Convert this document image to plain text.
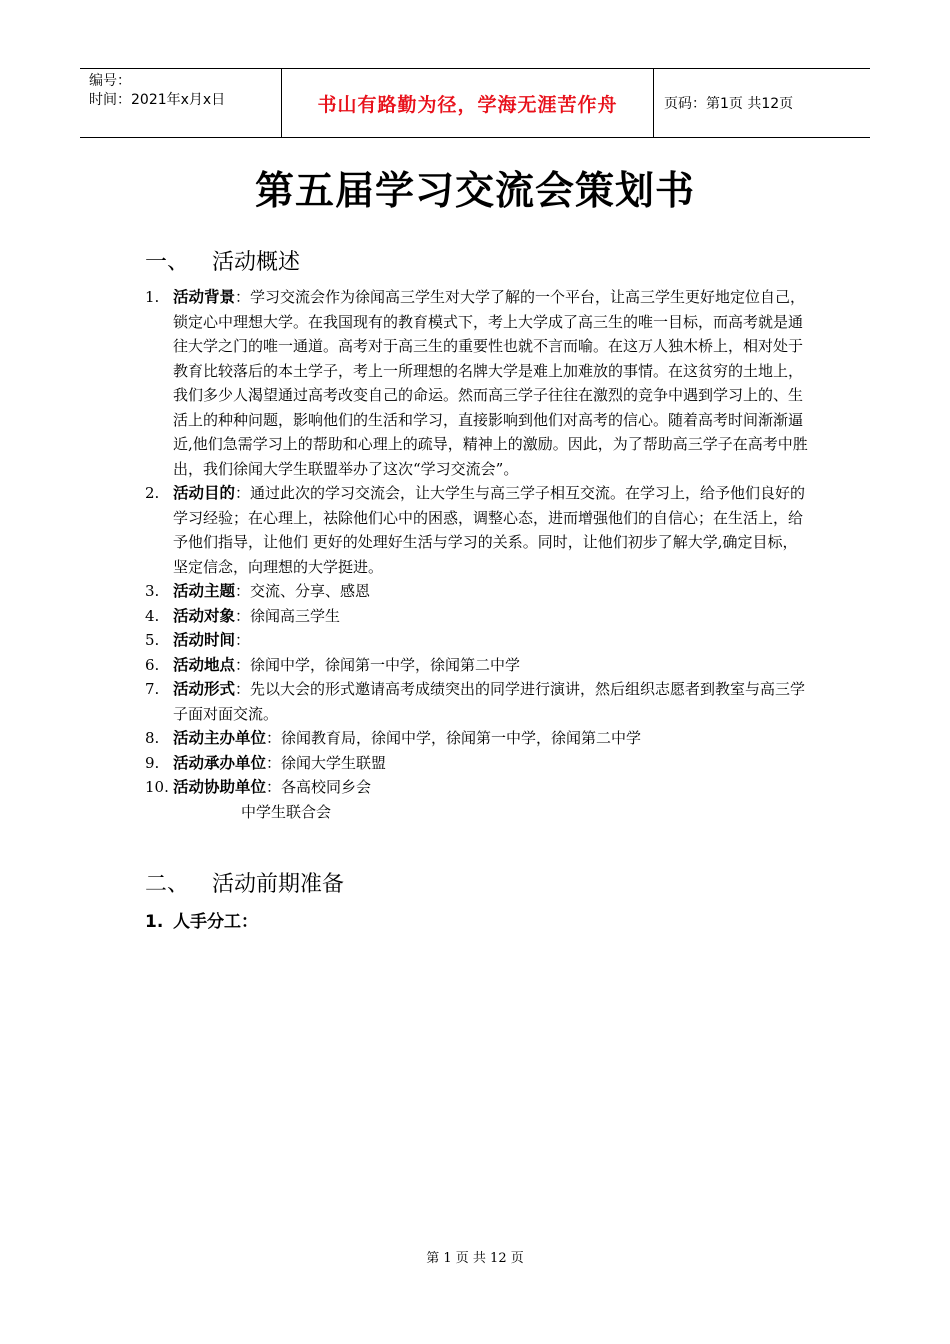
编号：
时间：2021年x月x日	书山有路勤为径，学海无涯苦作舟	页码：第1页 共12页
第五届学习交流会策划书
一、 活动概述
1. 活动背景：学习交流会作为徐闻高三学生对大学了解的一个平台，让高三学生更好地定位自己，锁定心中理想大学。在我国现有的教育模式下，考上大学成了高三生的唯一目标，而高考就是通往大学之门的唯一通道。高考对于高三生的重要性也就不言而喻。在这万人独木桥上，相对处于教育比较落后的本土学子，考上一所理想的名牌大学是难上加难放的事情。在这贫穷的土地上，我们多少人渴望通过高考改变自己的命运。然而高三学子往往在激烈的竞争中遇到学习上的、生活上的种种问题，影响他们的生活和学习，直接影响到他们对高考的信心。随着高考时间渐渐逼近,他们急需学习上的帮助和心理上的疏导，精神上的激励。因此，为了帮助高三学子在高考中胜出，我们徐闻大学生联盟举办了这次“学习交流会”。
2. 活动目的：通过此次的学习交流会，让大学生与高三学子相互交流。在学习上，给予他们良好的学习经验；在心理上，祛除他们心中的困惑，调整心态，进而增强他们的自信心；在生活上，给予他们指导，让他们 更好的处理好生活与学习的关系。同时，让他们初步了解大学,确定目标，坚定信念，向理想的大学挺进。
3. 活动主题：交流、分享、感恩
4. 活动对象：徐闻高三学生
5. 活动时间：
6. 活动地点：徐闻中学，徐闻第一中学，徐闻第二中学
7. 活动形式：先以大会的形式邀请高考成绩突出的同学进行演讲，然后组织志愿者到教室与高三学子面对面交流。
8. 活动主办单位：徐闻教育局，徐闻中学，徐闻第一中学，徐闻第二中学
9. 活动承办单位：徐闻大学生联盟
10. 活动协助单位：各高校同乡会
中学生联合会
二、 活动前期准备
1. 人手分工：
第 1 页 共 12 页
